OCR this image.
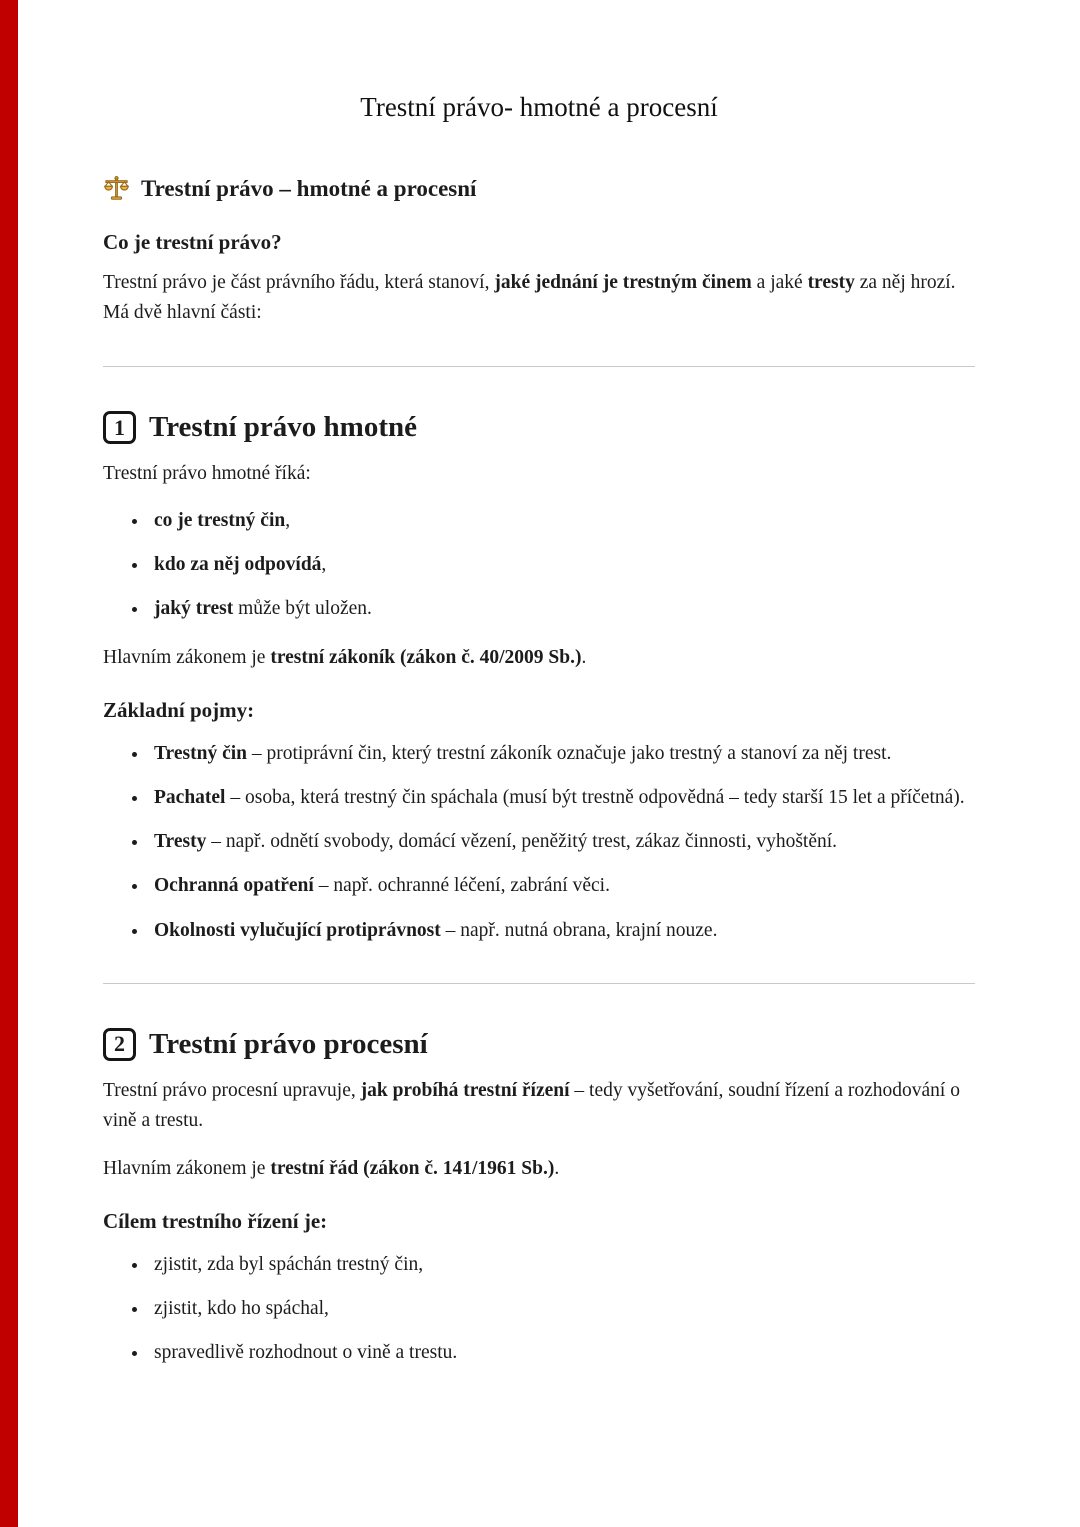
Trestní právo- hmotné a procesní
Trestní právo – hmotné a procesní
Co je trestní právo?

Trestní právo je část právního řádu, která stanoví, jaké jednání je trestným činem a jaké tresty za něj hrozí. Má dvě hlavní části:

1 Trestní právo hmotné

Trestní právo hmotné říká:

• co je trestný čin,
• kdo za něj odpovídá,
• jaký trest může být uložen.

Hlavním zákonem je trestní zákoník (zákon č. 40/2009 Sb.).

Základní pojmy:
• Trestný čin – protiprávní čin, který trestní zákoník označuje jako trestný a stanoví za něj trest.
• Pachatel – osoba, která trestný čin spáchala (musí být trestně odpovědná – tedy starší 15 let a příčetná).
• Tresty – např. odnětí svobody, domácí vězení, peněžitý trest, zákaz činnosti, vyhoštění.
• Ochranná opatření – např. ochranné léčení, zabrání věci.
• Okolnosti vylučující protiprávnost – např. nutná obrana, krajní nouze.
2 Trestní právo procesní

Trestní právo procesní upravuje, jak probíhá trestní řízení – tedy vyšetřování, soudní řízení a rozhodování o vině a trestu.

Hlavním zákonem je trestní řád (zákon č. 141/1961 Sb.).

Cílem trestního řízení je:
• zjistit, zda byl spáchán trestný čin,
• zjistit, kdo ho spáchal,
• spravedlivě rozhodnout o vině a trestu.
